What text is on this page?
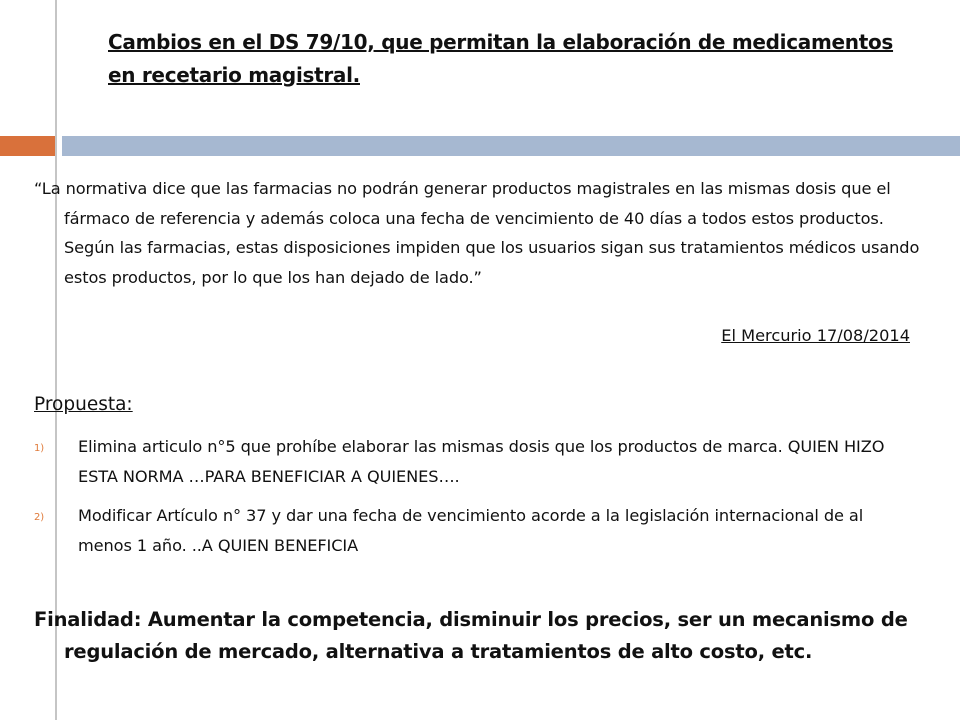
Cambios en el DS 79/10, que permitan la elaboración de medicamentos en recetario magistral.
“La normativa dice que las farmacias no podrán generar productos magistrales en las mismas dosis que el fármaco de referencia y además coloca una fecha de vencimiento de 40 días a todos estos productos. Según las farmacias, estas disposiciones impiden que los usuarios sigan sus tratamientos médicos usando estos productos, por lo que los han dejado de lado.”
El Mercurio 17/08/2014
Propuesta:
1) Elimina articulo n°5 que prohíbe elaborar las mismas dosis que los productos de marca. QUIEN HIZO ESTA NORMA …PARA BENEFICIAR A QUIENES….
2) Modificar Artículo n° 37 y dar una fecha de vencimiento acorde a la legislación internacional de al menos 1 año. ..A QUIEN BENEFICIA
Finalidad: Aumentar la competencia, disminuir los precios, ser un mecanismo de regulación de mercado, alternativa a tratamientos de alto costo, etc.
